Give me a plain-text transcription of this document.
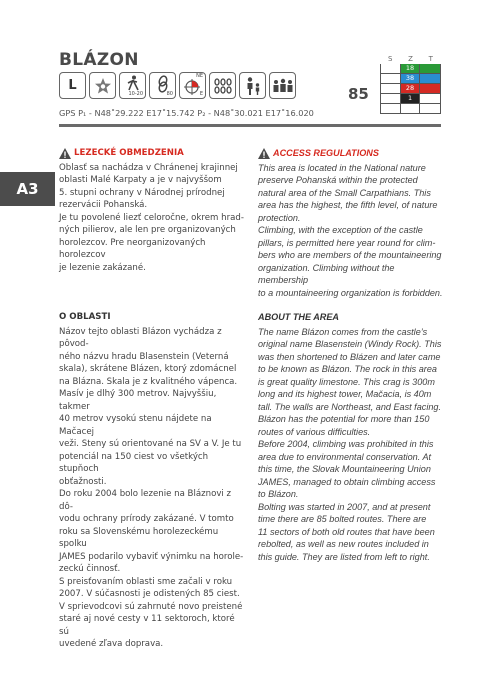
BLÁZON
L
10-20	80
NE
E	85
S	Z	T
18
38
28
1
GPS P₁ - N48˚29.222 E17˚15.742 P₂ - N48˚30.021 E17˚16.020
A3
LEZECKÉ OBMEDZENIA

Oblasť sa nachádza v Chránenej krajinnej
oblasti Malé Karpaty a je v najvyššom
5. stupni ochrany v Národnej prírodnej
rezervácii Pohanská.
Je tu povolené liezť celoročne, okrem hrad-
ných pilierov, ale len pre organizovaných
horolezcov. Pre neorganizovaných horolezcov
je lezenie zakázané.

ACCESS REGULATIONS

This area is located in the National nature
preserve Pohanská within the protected
natural area of the Small Carpathians. This
area has the highest, the fifth level, of nature
protection.
Climbing, with the exception of the castle
pillars, is permitted here year round for clim-
bers who are members of the mountaineering
organization. Climbing without the membership
to a mountaineering organization is forbidden.

O OBLASTI

Názov tejto oblasti Blázon vychádza z pôvod-
ného názvu hradu Blasenstein (Veterná
skala), skrátene Blázen, ktorý zdomácnel
na Blázna. Skala je z kvalitného vápenca.
Masív je dlhý 300 metrov. Najvyššiu, takmer
40 metrov vysokú stenu nájdete na Mačacej
veži. Steny sú orientované na SV a V. Je tu
potenciál na 150 ciest vo všetkých stupňoch
obťažnosti.
Do roku 2004 bolo lezenie na Bláznovi z dô-
vodu ochrany prírody zakázané. V tomto
roku sa Slovenskému horolezeckému spolku
JAMES podarilo vybaviť výnimku na horole-
zeckú činnosť.
S preisťovaním oblasti sme začali v roku
2007. V súčasnosti je odistených 85 ciest.
V sprievodcovi sú zahrnuté novo preistené
staré aj nové cesty v 11 sektoroch, ktoré sú
uvedené zľava doprava.

ABOUT THE AREA

The name Blázon comes from the castle’s
original name Blasenstein (Windy Rock). This
was then shortened to Blázen and later came
to be known as Blázon. The rock in this area
is great quality limestone. This crag is 300m
long and its highest tower, Mačacia, is 40m
tall. The walls are Northeast, and East facing.
Blázon has the potential for more than 150
routes of various difficulties.
Before 2004, climbing was prohibited in this
area due to environmental conservation. At
this time, the Slovak Mountaineering Union
JAMES, managed to obtain climbing access
to Blázon.
Bolting was started in 2007, and at present
time there are 85 bolted routes. There are
11 sectors of both old routes that have been
rebolted, as well as new routes included in
this guide. They are listed from left to right.
